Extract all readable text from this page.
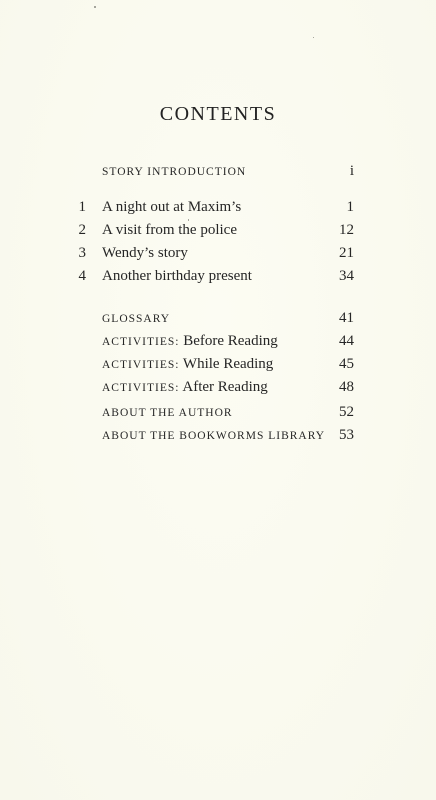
CONTENTS
STORY INTRODUCTION	i
1 A night out at Maxim’s	1
2 A visit from the police	12
3 Wendy’s story	21
4 Another birthday present	34
GLOSSARY	41
ACTIVITIES: Before Reading	44
ACTIVITIES: While Reading	45
ACTIVITIES: After Reading	48
ABOUT THE AUTHOR	52
ABOUT THE BOOKWORMS LIBRARY 53
